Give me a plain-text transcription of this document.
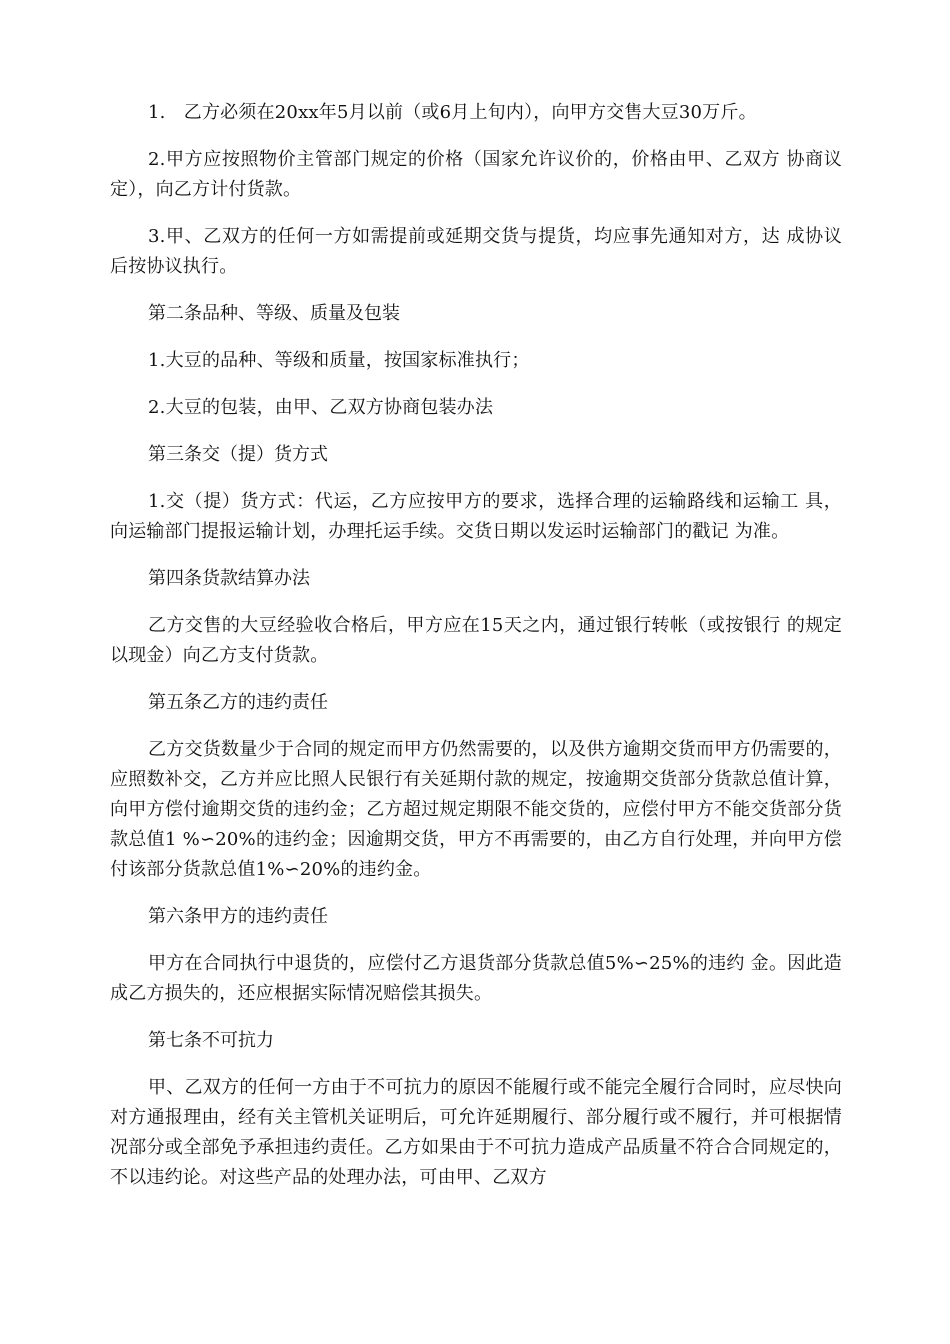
1.　乙方必须在20xx年5月以前（或6月上旬内），向甲方交售大豆30万斤。

2.甲方应按照物价主管部门规定的价格（国家允许议价的，价格由甲、乙双方 协商议定），向乙方计付货款。

3.甲、乙双方的任何一方如需提前或延期交货与提货，均应事先通知对方，达 成协议后按协议执行。

第二条品种、等级、质量及包装

1.大豆的品种、等级和质量，按国家标准执行；

2.大豆的包装，由甲、乙双方协商包装办法

第三条交（提）货方式

1.交（提）货方式：代运，乙方应按甲方的要求，选择合理的运输路线和运输工 具，向运输部门提报运输计划，办理托运手续。交货日期以发运时运输部门的戳记 为准。

第四条货款结算办法

乙方交售的大豆经验收合格后，甲方应在15天之内，通过银行转帐（或按银行 的规定以现金）向乙方支付货款。

第五条乙方的违约责任

乙方交货数量少于合同的规定而甲方仍然需要的，以及供方逾期交货而甲方仍需要的，应照数补交，乙方并应比照人民银行有关延期付款的规定，按逾期交货部分货款总值计算，向甲方偿付逾期交货的违约金；乙方超过规定期限不能交货的，应偿付甲方不能交货部分货款总值1 %∽20%的违约金；因逾期交货，甲方不再需要的，由乙方自行处理，并向甲方偿付该部分货款总值1%∽20%的违约金。

第六条甲方的违约责任

甲方在合同执行中退货的，应偿付乙方退货部分货款总值5%∽25%的违约 金。因此造成乙方损失的，还应根据实际情况赔偿其损失。

第七条不可抗力

甲、乙双方的任何一方由于不可抗力的原因不能履行或不能完全履行合同时，应尽快向对方通报理由，经有关主管机关证明后，可允许延期履行、部分履行或不履行，并可根据情况部分或全部免予承担违约责任。乙方如果由于不可抗力造成产品质量不符合合同规定的，不以违约论。对这些产品的处理办法，可由甲、乙双方
